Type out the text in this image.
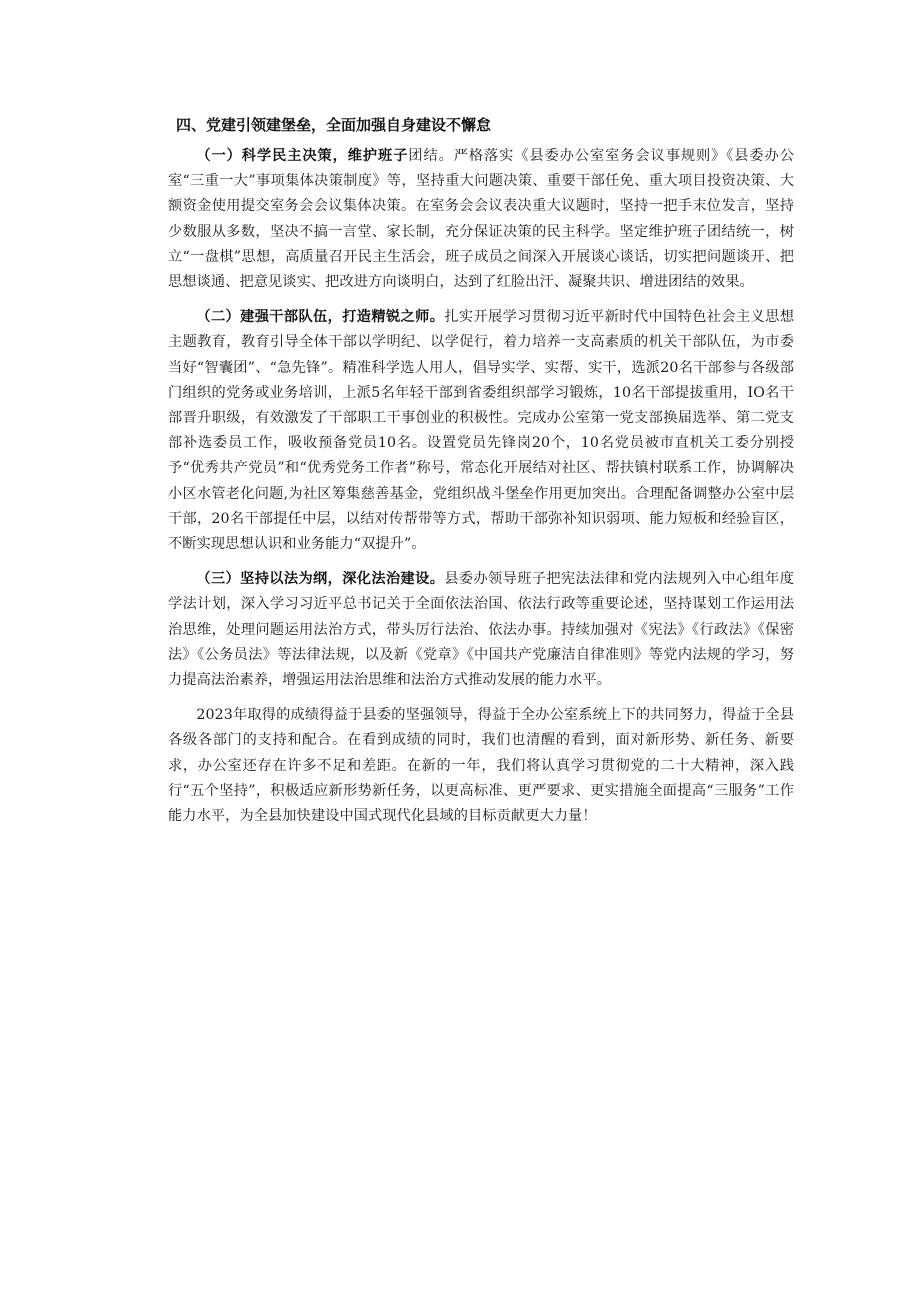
四、党建引领建堡垒，全面加强自身建设不懈怠

（一）科学民主决策，维护班子团结。严格落实《县委办公室室务会议事规则》《县委办公室“三重一大”事项集体决策制度》等，坚持重大问题决策、重要干部任免、重大项目投资决策、大额资金使用提交室务会会议集体决策。在室务会会议表决重大议题时，坚持一把手末位发言，坚持少数服从多数，坚决不搞一言堂、家长制，充分保证决策的民主科学。坚定维护班子团结统一，树立“一盘棋”思想，高质量召开民主生活会，班子成员之间深入开展谈心谈话，切实把问题谈开、把思想谈通、把意见谈实、把改进方向谈明白，达到了红脸出汗、凝聚共识、增进团结的效果。

（二）建强干部队伍，打造精锐之师。扎实开展学习贯彻习近平新时代中国特色社会主义思想主题教育，教育引导全体干部以学明纪、以学促行，着力培养一支高素质的机关干部队伍，为市委当好“智囊团”、“急先锋”。精准科学选人用人，倡导实学、实帮、实干，选派20名干部参与各级部门组织的党务或业务培训，上派5名年轻干部到省委组织部学习锻炼，10名干部提拔重用，IO名干部晋升职级，有效激发了干部职工干事创业的积极性。完成办公室第一党支部换届选举、第二党支部补选委员工作，吸收预备党员10名。设置党员先锋岗20个，10名党员被市直机关工委分别授予“优秀共产党员”和“优秀党务工作者”称号，常态化开展结对社区、帮扶镇村联系工作，协调解决小区水管老化问题,为社区筹集慈善基金，党组织战斗堡垒作用更加突出。合理配备调整办公室中层干部，20名干部提任中层，以结对传帮带等方式，帮助干部弥补知识弱项、能力短板和经验盲区，不断实现思想认识和业务能力“双提升”。

（三）坚持以法为纲，深化法治建设。县委办领导班子把宪法法律和党内法规列入中心组年度学法计划，深入学习习近平总书记关于全面依法治国、依法行政等重要论述，坚持谋划工作运用法治思维，处理问题运用法治方式，带头厉行法治、依法办事。持续加强对《宪法》《行政法》《保密法》《公务员法》等法律法规，以及新《党章》《中国共产党廉洁自律准则》等党内法规的学习，努力提高法治素养，增强运用法治思维和法治方式推动发展的能力水平。

2023年取得的成绩得益于县委的坚强领导，得益于全办公室系统上下的共同努力，得益于全县各级各部门的支持和配合。在看到成绩的同时，我们也清醒的看到，面对新形势、新任务、新要求，办公室还存在许多不足和差距。在新的一年，我们将认真学习贯彻党的二十大精神，深入践行“五个坚持”，积极适应新形势新任务，以更高标准、更严要求、更实措施全面提高“三服务”工作能力水平，为全县加快建设中国式现代化县域的目标贡献更大力量！
